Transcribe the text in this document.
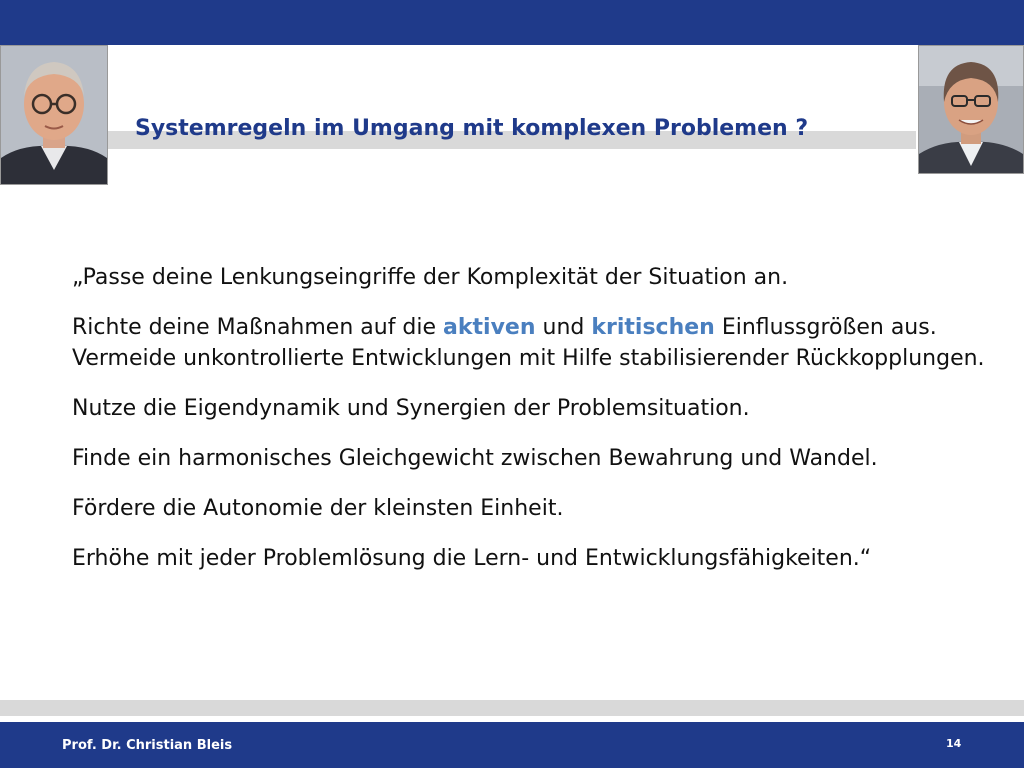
Systemregeln im Umgang mit komplexen Problemen ?

„Passe deine Lenkungseingriffe der Komplexität der Situation an.

Richte deine Maßnahmen auf die aktiven und kritischen Einflussgrößen aus. Vermeide unkontrollierte Entwicklungen mit Hilfe stabilisierender Rückkopplungen.

Nutze die Eigendynamik und Synergien der Problemsituation.

Finde ein harmonisches Gleichgewicht zwischen Bewahrung und Wandel.

Fördere die Autonomie der kleinsten Einheit.

Erhöhe mit jeder Problemlösung die Lern- und Entwicklungsfähigkeiten.“

Prof. Dr. Christian Bleis	14
